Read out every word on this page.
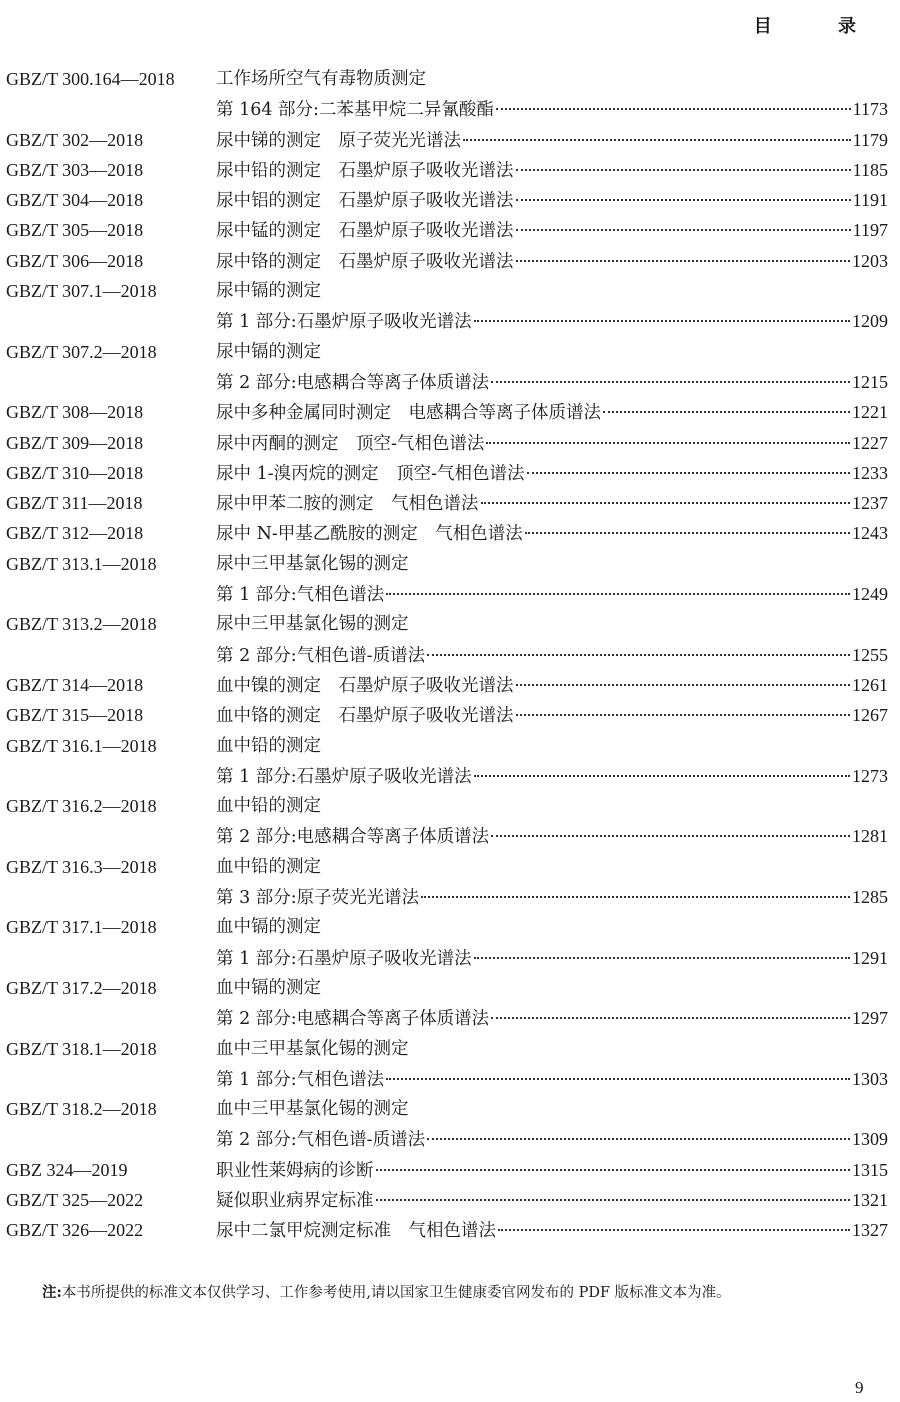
目 录
GBZ/T 300.164—2018 工作场所空气有毒物质测定
第 164 部分:二苯基甲烷二异氰酸酯	1173
GBZ/T 302—2018	尿中锑的测定　原子荧光光谱法	1179
GBZ/T 303—2018	尿中铅的测定　石墨炉原子吸收光谱法	1185
GBZ/T 304—2018	尿中铝的测定　石墨炉原子吸收光谱法	1191
GBZ/T 305—2018	尿中锰的测定　石墨炉原子吸收光谱法	1197
GBZ/T 306—2018	尿中铬的测定　石墨炉原子吸收光谱法	1203
GBZ/T 307.1—2018	尿中镉的测定
第 1 部分:石墨炉原子吸收光谱法	1209
GBZ/T 307.2—2018	尿中镉的测定
第 2 部分:电感耦合等离子体质谱法	1215
GBZ/T 308—2018	尿中多种金属同时测定　电感耦合等离子体质谱法	1221
GBZ/T 309—2018	尿中丙酮的测定　顶空-气相色谱法	1227
GBZ/T 310—2018	尿中 1-溴丙烷的测定　顶空-气相色谱法	1233
GBZ/T 311—2018	尿中甲苯二胺的测定　气相色谱法	1237
GBZ/T 312—2018	尿中 N-甲基乙酰胺的测定　气相色谱法	1243
GBZ/T 313.1—2018	尿中三甲基氯化锡的测定
第 1 部分:气相色谱法	1249
GBZ/T 313.2—2018	尿中三甲基氯化锡的测定
第 2 部分:气相色谱-质谱法	1255
GBZ/T 314—2018	血中镍的测定　石墨炉原子吸收光谱法	1261
GBZ/T 315—2018	血中铬的测定　石墨炉原子吸收光谱法	1267
GBZ/T 316.1—2018	血中铅的测定
第 1 部分:石墨炉原子吸收光谱法	1273
GBZ/T 316.2—2018	血中铅的测定
第 2 部分:电感耦合等离子体质谱法	1281
GBZ/T 316.3—2018	血中铅的测定
第 3 部分:原子荧光光谱法	1285
GBZ/T 317.1—2018	血中镉的测定
第 1 部分:石墨炉原子吸收光谱法	1291
GBZ/T 317.2—2018	血中镉的测定
第 2 部分:电感耦合等离子体质谱法	1297
GBZ/T 318.1—2018	血中三甲基氯化锡的测定
第 1 部分:气相色谱法	1303
GBZ/T 318.2—2018	血中三甲基氯化锡的测定
第 2 部分:气相色谱-质谱法	1309
GBZ 324—2019	职业性莱姆病的诊断	1315
GBZ/T 325—2022	疑似职业病界定标准	1321
GBZ/T 326—2022	尿中二氯甲烷测定标准　气相色谱法	1327
注:本书所提供的标准文本仅供学习、工作参考使用,请以国家卫生健康委官网发布的 PDF 版标准文本为准。
9
